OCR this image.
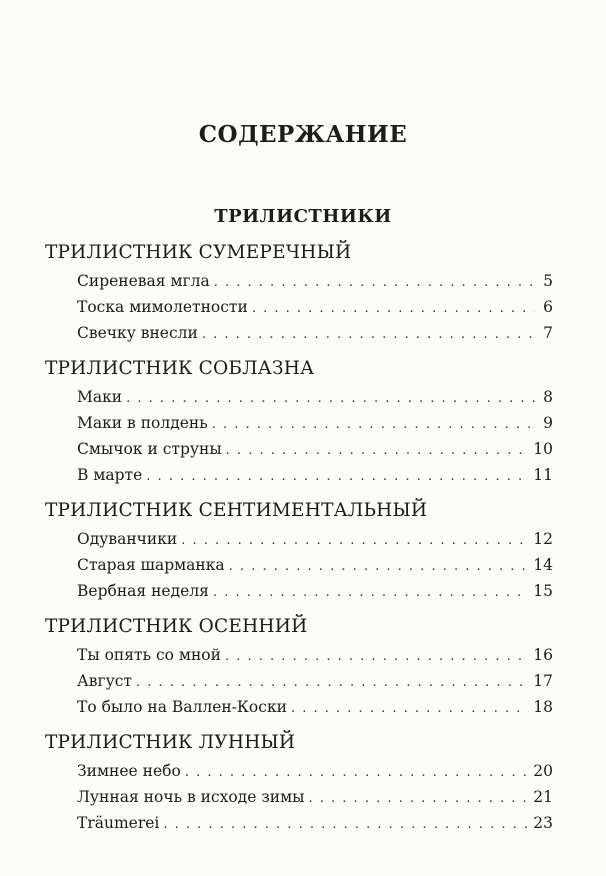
СОДЕРЖАНИЕ
ТРИЛИСТНИКИ
ТРИЛИСТНИК СУМЕРЕЧНЫЙ
Сиреневая мгла . . .	5
Тоска мимолетности . . .	6
Свечку внесли . . .	7
ТРИЛИСТНИК СОБЛАЗНА
Маки . . .	8
Маки в полдень . . .	9
Смычок и струны . . .	10
В марте . . .	11
ТРИЛИСТНИК СЕНТИМЕНТАЛЬНЫЙ
Одуванчики . . .	12
Старая шарманка . . .	14
Вербная неделя . . .	15
ТРИЛИСТНИК ОСЕННИЙ
Ты опять со мной . . .	16
Август . . .	17
То было на Валлен-Коски . . .	18
ТРИЛИСТНИК ЛУННЫЙ
Зимнее небо . . .	20
Лунная ночь в исходе зимы . . .	21
Träumerei . . .	23
